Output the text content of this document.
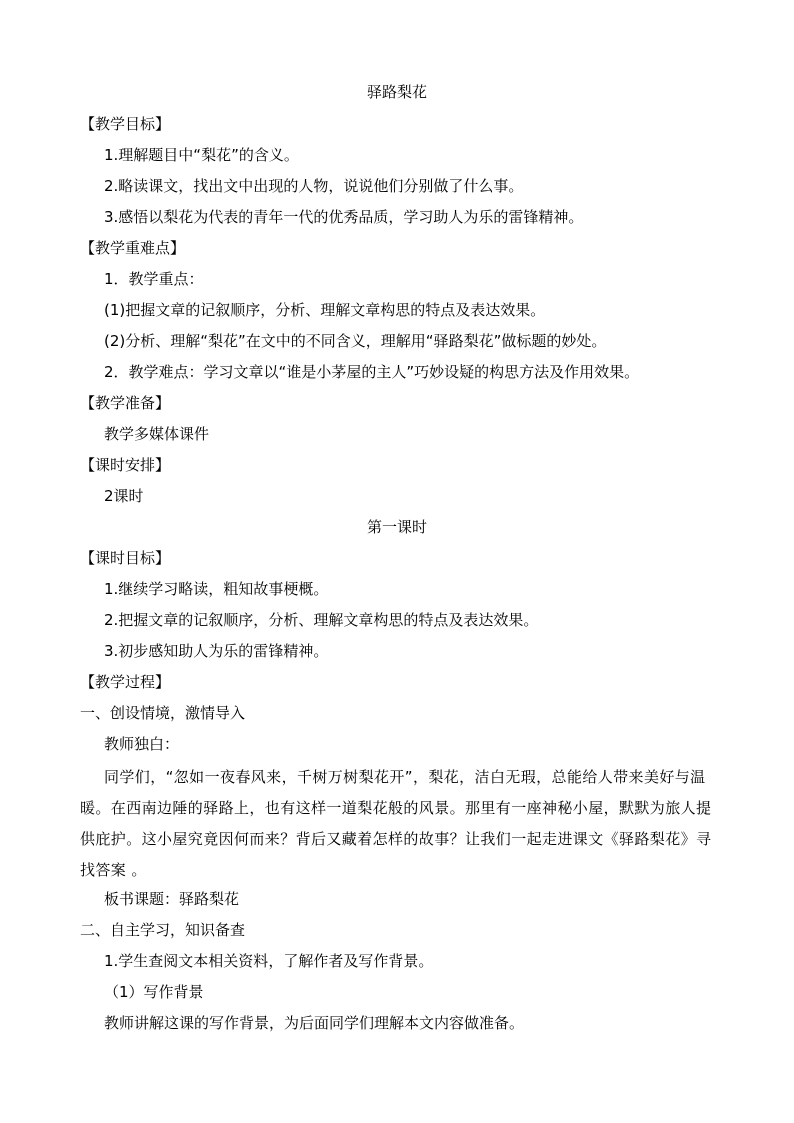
驿路梨花
【教学目标】
1.理解题目中“梨花”的含义。
2.略读课文，找出文中出现的人物，说说他们分别做了什么事。
3.感悟以梨花为代表的青年一代的优秀品质，学习助人为乐的雷锋精神。
【教学重难点】
1．教学重点：
(1)把握文章的记叙顺序，分析、理解文章构思的特点及表达效果。
(2)分析、理解“梨花”在文中的不同含义，理解用“驿路梨花”做标题的妙处。
2．教学难点：学习文章以“谁是小茅屋的主人”巧妙设疑的构思方法及作用效果。
【教学准备】
教学多媒体课件
【课时安排】
2课时
第一课时
【课时目标】
1.继续学习略读，粗知故事梗概。
2.把握文章的记叙顺序，分析、理解文章构思的特点及表达效果。
3.初步感知助人为乐的雷锋精神。
【教学过程】
一、创设情境，激情导入
教师独白：
同学们，“忽如一夜春风来，千树万树梨花开”，梨花，洁白无瑕，总能给人带来美好与温暖。在西南边陲的驿路上，也有这样一道梨花般的风景。那里有一座神秘小屋，默默为旅人提供庇护。这小屋究竟因何而来？背后又藏着怎样的故事？让我们一起走进课文《驿路梨花》寻找答案 。
板书课题：驿路梨花
二、自主学习，知识备查
1.学生查阅文本相关资料，了解作者及写作背景。
（1）写作背景
教师讲解这课的写作背景，为后面同学们理解本文内容做准备。
